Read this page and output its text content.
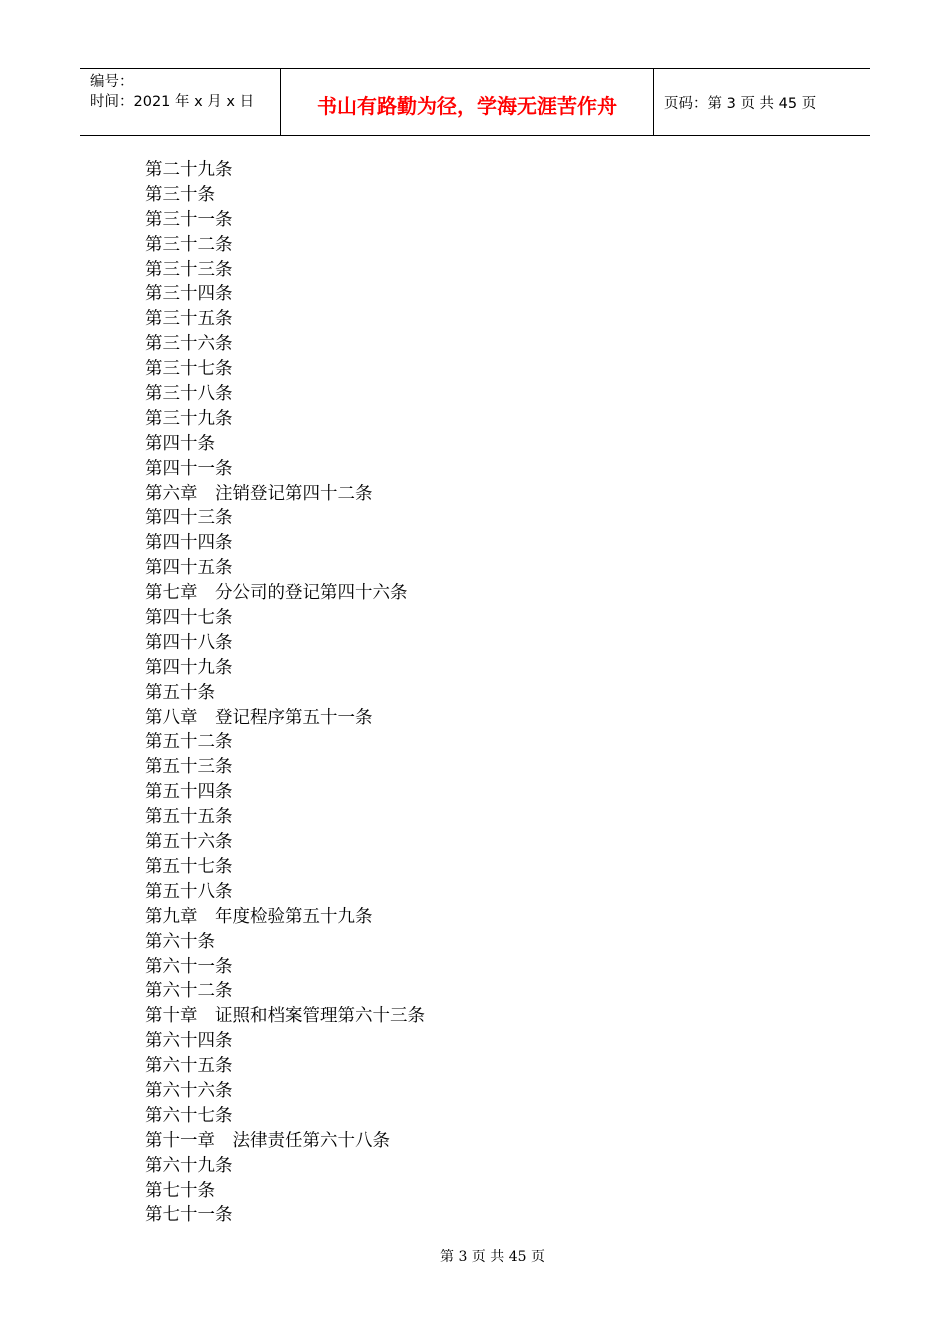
编号：
时间：2021 年 x 月 x 日	书山有路勤为径，学海无涯苦作舟	页码：第 3 页 共 45 页
第二十九条
第三十条
第三十一条
第三十二条
第三十三条
第三十四条
第三十五条
第三十六条
第三十七条
第三十八条
第三十九条
第四十条
第四十一条
第六章　注销登记第四十二条
第四十三条
第四十四条
第四十五条
第七章　分公司的登记第四十六条
第四十七条
第四十八条
第四十九条
第五十条
第八章　登记程序第五十一条
第五十二条
第五十三条
第五十四条
第五十五条
第五十六条
第五十七条
第五十八条
第九章　年度检验第五十九条
第六十条
第六十一条
第六十二条
第十章　证照和档案管理第六十三条
第六十四条
第六十五条
第六十六条
第六十七条
第十一章　法律责任第六十八条
第六十九条
第七十条
第七十一条
第 3 页 共 45 页
